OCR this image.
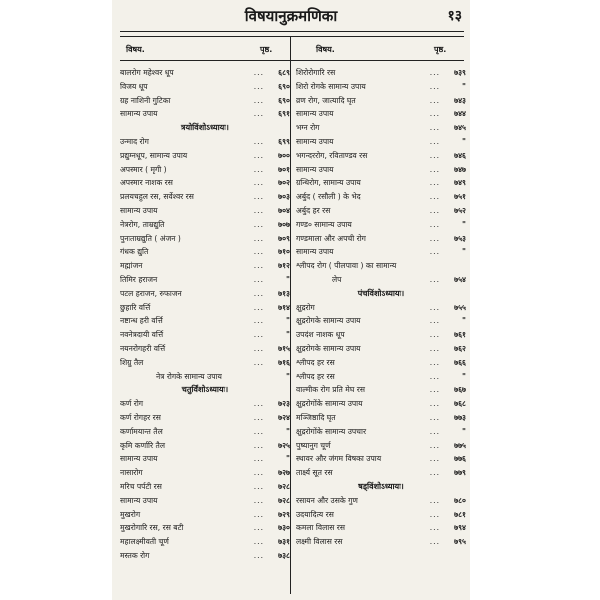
विषयानुक्रमणिका	१३
विषय.	पृष्ठ.	विषय.	पृष्ठ.
बालरोग महेश्वर धूप	... ६८९
विजय धूप	... ६९०
ग्रह नाशिनी गुटिका	... ६९०
सामान्य उपाय	... ६९१
त्रयोविंशोऽध्यायः।
उन्माद रोग	... ६९९
प्रद्युम्नधूप, सामान्य उपाय	... ७००
अपस्मार ( मृगी )	... ७०१
अपस्मार नाशक रस	... ७०२
प्रलयचहुल रस, सर्वेश्वर रस	... ७०३
सामान्य उपाय	... ७०४
नेत्ररोग, ताम्रद्युति	... ७०७
पुनःताम्रद्युति ( अंजन )	... ७०९
गंधक द्युति	... ७१०
मह्मांजन	... ७१२
तिमिर हराजन	...	"
पटल हराजन, रुफाजन	... ७१३
छुहारि वर्त्ति	... ७१४
नष्टान्ध हरी वर्त्ति	...	"
नवनेत्रदायी वर्त्ति	...	"
नयनरोगहरी वर्त्ति	... ७१५
शिग्रु तैल	... ७१६
नेत्र रोगके सामान्य उपाय	"
चतुर्विंशोऽध्यायः।
कर्ण रोग	... ७२३
कर्ण रोगहर रस	... ७२४
कर्णामयान्त तैल	...	"
कृमि कर्णारि तैल	... ७२५
सामान्य उपाय	...	"
नासारोग	... ७२७
मरिच पर्पटी रस	... ७२८
सामान्य उपाय	... ७२८
मुखरोग	... ७२९
मुखरोगारि रस, रस बटी	... ७३०
महालक्ष्मीवती चूर्ण	... ७३१
मस्तक रोग	... ७३८
शिरोरोगारि रस	... ७३९
शिरो रोगके सामान्य उपाय	...	"
व्रण रोग, जात्यादि घृत	... ७४३
सामान्य उपाय	... ७४४
भग्न रोग	... ७४५
सामान्य उपाय	...	"
भगन्दररोग, रविताण्डव रस	... ७४६
सामान्य उपाय	... ७४७
ग्रन्थिरोग, सामान्य उपाय	... ७४९
अर्बुद ( रसौली ) के भेद	... ७५१
अर्बुद हर रस	... ७५२
गण्ड० सामान्य उपाय	...	"
गण्डमाला और अपची रोग	... ७५३
सामान्य उपाय	...	"
श्लीपद रोग ( पीलपावा ) का सामान्य
लेप	... ७५४
पंचविंशोऽध्यायः।
क्षुद्ररोग	... ७५५
क्षुद्ररोगके सामान्य उपाय	...	"
उपदंश नाशक धूप	... ७६१
क्षुद्ररोगके सामान्य उपाय	... ७६२
श्लीपद हर रस	... ७६६
श्लीपद हर रस	...	"
वाल्मीक रोग प्रति मेघ रस	... ७६७
क्षुद्ररोगोंके सामान्य उपाय	... ७६८
मञ्जिष्ठादि घृत	... ७७३
क्षुद्ररोगोंके सामान्य उपचार	...	"
पुष्यानुग चूर्ण	... ७७५
स्थावर और जंगम विषका उपाय	... ७७६
तार्क्ष्य सूत रस	... ७७९
षड्विंशोऽध्यायः।
रसायन और उसके गुण	... ७८०
उदयादित्य रस	... ७८१
कमला विलास रस	... ७९४
लक्ष्मी विलास रस	... ७९५
